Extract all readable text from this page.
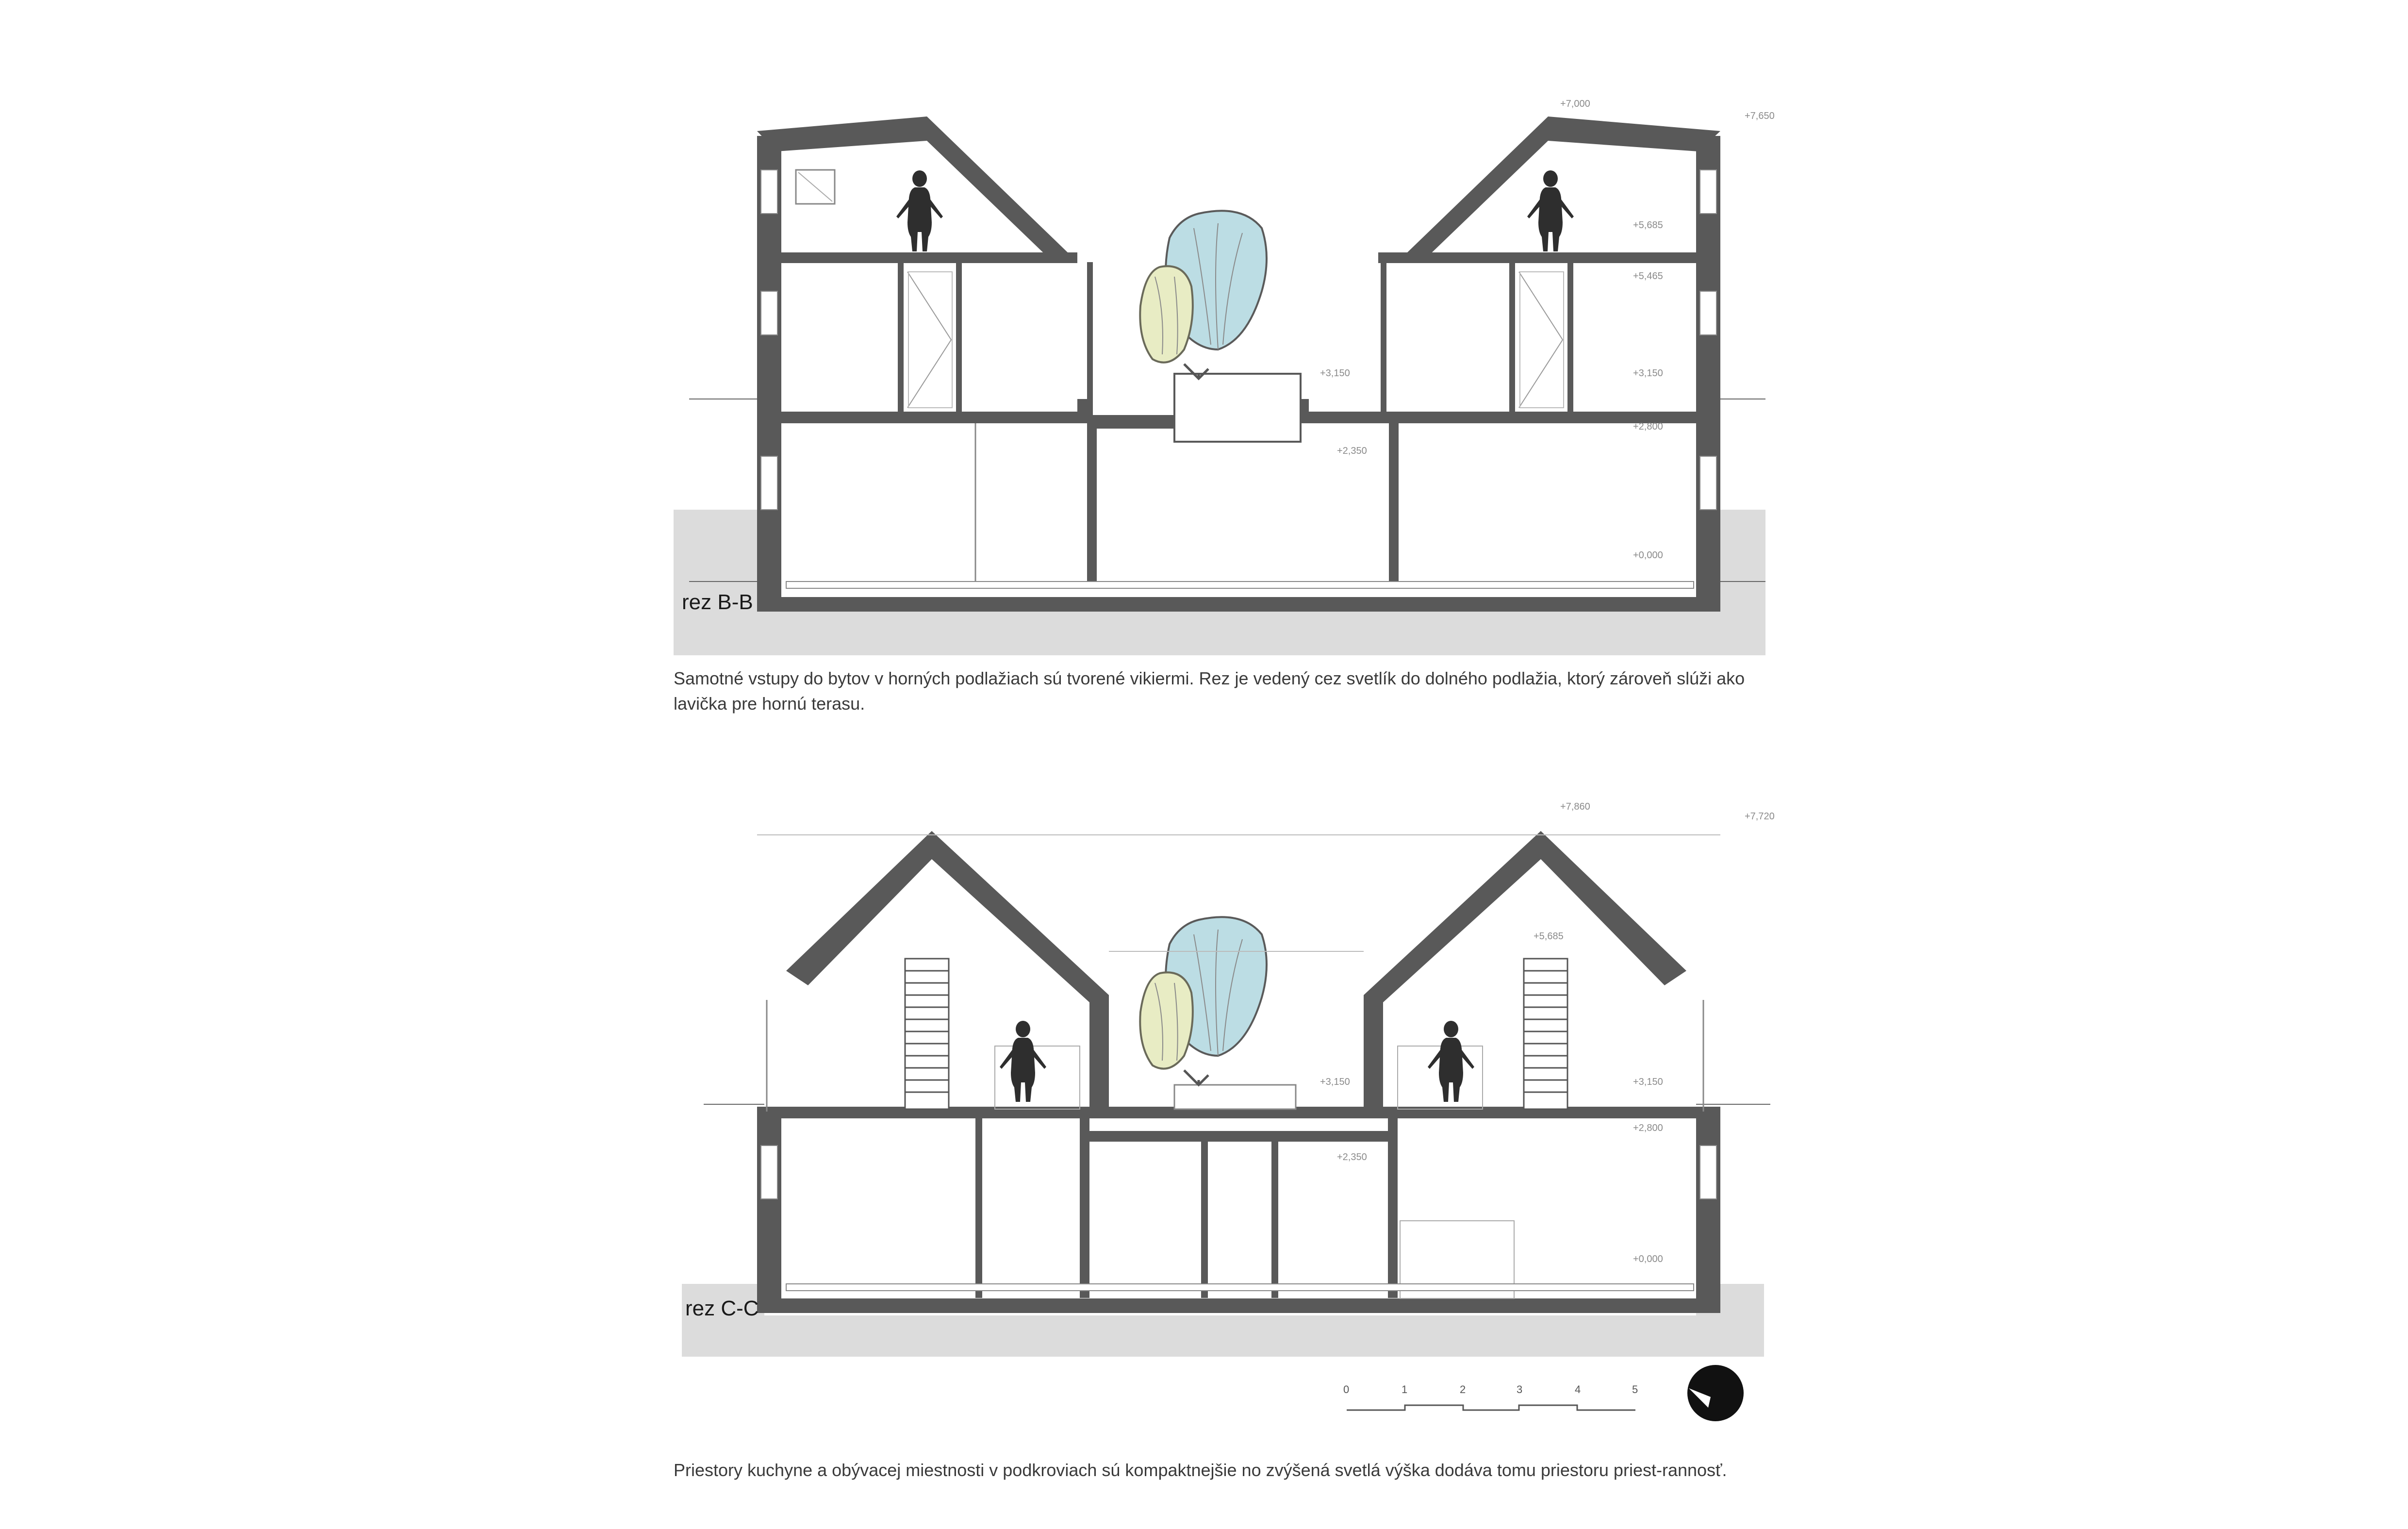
rez B-B
+7,000
+7,650
+5,685
+5,465
+3,150	+3,150
+2,800
+2,350
+0,000
rez C-C
+7,860
+7,720
+5,685
+3,150	+3,150
+2,800
+2,350
+0,000
0	1	2	3	4	5

Samotné vstupy do bytov v horných podlažiach sú tvorené vikiermi. Rez je vedený cez svetlík do dolného podlažia, ktorý zároveň slúži ako lavička pre hornú terasu.

Priestory kuchyne a obývacej miestnosti v podkroviach sú kompaktnejšie no zvýšená svetlá výška dodáva tomu priestoru priest-rannosť.
